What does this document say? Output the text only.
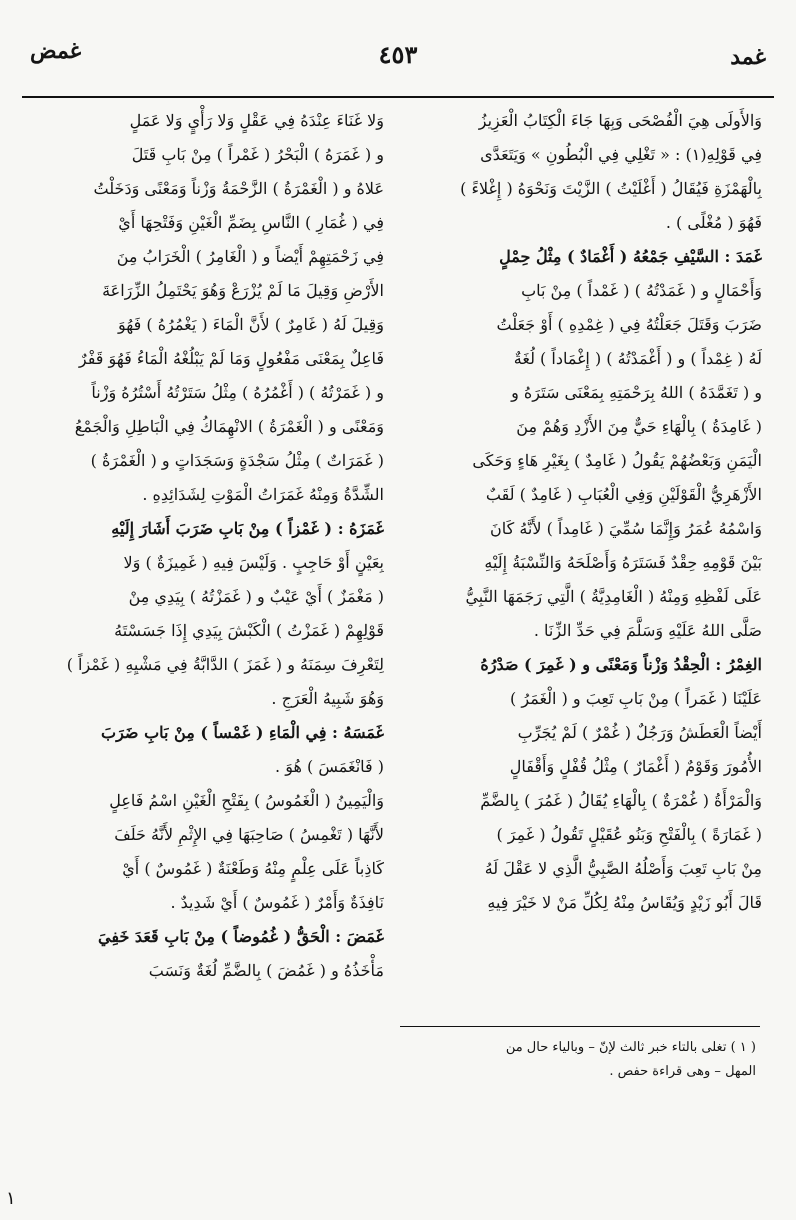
غمد
٤٥٣
غمض
وَالأَولَى هِيَ الْفُصْحَى وَبِهَا جَاءَ الْكِتَابُ الْعَزِيزُ
فِي قَوْلِهِ(١) : « تَغْلِي فِي الْبُطُونِ » وَيَتَعَدَّى
بِالْهَمْزَةِ فَيُقَالُ ( أَغْلَيْتُ ) الزَّيْتَ وَنَحْوَهُ ( إِغْلاءً )
فَهُوَ ( مُغْلًى ) .
غَمَدَ : السَّيْفِ جَمْعُهُ ( أَغْمَادٌ ) مِثْلُ حِمْلٍ
وَأَحْمَالٍ و ( غَمَدْتُهُ ) ( غَمْداً ) مِنْ بَابِ
ضَرَبَ وَقَتَلَ جَعَلْتُهُ فِي ( غِمْدِهِ ) أَوْ جَعَلْتُ
لَهُ ( غِمْداً ) و ( أَغْمَدْتُهُ ) ( إِغْمَاداً ) لُغَةٌ
و ( تَغَمَّدَهُ ) اللهُ بِرَحْمَتِهِ بِمَعْنَى سَتَرَهُ و
( غَامِدَةُ ) بِالْهَاءِ حَيٌّ مِنَ الأَزْدِ وَهُمْ مِنَ
الْيَمَنِ وَبَعْضُهُمْ يَقُولُ ( غَامِدٌ ) بِغَيْرِ هَاءٍ وَحَكَى
الأَزْهَرِيُّ الْقَوْلَيْنِ وَفِي الْعُبَابِ ( غَامِدٌ ) لَقَبٌ
وَاسْمُهُ عُمَرُ وَإِنَّمَا سُمِّيَ ( غَامِداً ) لأَنَّهُ كَانَ
بَيْنَ قَوْمِهِ حِقْدٌ فَسَتَرَهُ وَأَصْلَحَهُ وَالنِّسْبَةُ إِلَيْهِ
عَلَى لَفْظِهِ وَمِنْهُ ( الْغَامِدِيَّةُ ) الَّتِي رَجَمَهَا النَّبِيُّ
صَلَّى اللهُ عَلَيْهِ وَسَلَّمَ فِي حَدِّ الزِّنَا .
الغِمْرُ : الْحِقْدُ وَزْناً وَمَعْنًى و ( غَمِرَ ) صَدْرُهُ
عَلَيْنَا ( غَمَراً ) مِنْ بَابِ تَعِبَ و ( الْغَمَرُ )
أَيْضاً الْعَطَشُ وَرَجُلٌ ( غُمْرٌ ) لَمْ يُجَرِّبِ
الأُمُورَ وَقَوْمٌ ( أَغْمَارٌ ) مِثْلُ قُفْلٍ وَأَقْفَالٍ
وَالْمَرْأَةُ ( غُمْرَةٌ ) بِالْهَاءِ يُقَالُ ( غَمُرَ ) بِالضَّمِّ
( غَمَارَةً ) بِالْفَتْحِ وَبَنُو عُقَيْلٍ تَقُولُ ( غَمِرَ )
مِنْ بَابِ تَعِبَ وَأَصْلُهُ الصَّبِيُّ الَّذِي لا عَقْلَ لَهُ
قَالَ أَبُو زَيْدٍ وَيُقَاسُ مِنْهُ لِكُلِّ مَنْ لا خَيْرَ فِيهِ
وَلا غَنَاءَ عِنْدَهُ فِي عَقْلٍ وَلا رَأْيٍ وَلا عَمَلٍ
و ( غَمَرَهُ ) الْبَحْرُ ( غَمْراً ) مِنْ بَابِ قَتَلَ
عَلاهُ و ( الْغَمْرَةُ ) الزَّحْمَةُ وَزْناً وَمَعْنًى وَدَخَلْتُ
فِي ( غُمَارِ ) النَّاسِ بِضَمِّ الْغَيْنِ وَفَتْحِهَا أَيْ
فِي زَحْمَتِهِمْ أَيْضاً و ( الْغَامِرُ ) الْخَرَابُ مِنَ
الأَرْضِ وَقِيلَ مَا لَمْ يُزْرَعْ وَهُوَ يَحْتَمِلُ الزِّرَاعَةَ
وَقِيلَ لَهُ ( غَامِرٌ ) لأَنَّ الْمَاءَ ( يَغْمُرُهُ ) فَهُوَ
فَاعِلٌ بِمَعْنَى مَفْعُولٍ وَمَا لَمْ يَبْلُغْهُ الْمَاءُ فَهُوَ قَفْرٌ
و ( غَمَرْتُهُ ) ( أَغْمُرُهُ ) مِثْلُ سَتَرْتُهُ أَسْتُرُهُ وَزْناً
وَمَعْنًى و ( الْغَمْرَةُ ) الانْهِمَاكُ فِي الْبَاطِلِ وَالْجَمْعُ
( غَمَرَاتٌ ) مِثْلُ سَجْدَةٍ وَسَجَدَاتٍ و ( الْغَمْرَةُ )
الشِّدَّةُ وَمِنْهُ غَمَرَاتُ الْمَوْتِ لِشَدَائِدِهِ .
غَمَزَهُ : ( غَمْزاً ) مِنْ بَابِ ضَرَبَ أَشَارَ إِلَيْهِ
بِعَيْنٍ أَوْ حَاجِبٍ . وَلَيْسَ فِيهِ ( غَمِيزَةٌ ) وَلا
( مَغْمَزٌ ) أَيْ عَيْبٌ و ( غَمَزْتُهُ ) بِيَدِي مِنْ
قَوْلِهِمْ ( غَمَزْتُ ) الْكَبْشَ بِيَدِي إِذَا جَسَسْتَهُ
لِتَعْرِفَ سِمَنَهُ و ( غَمَزَ ) الدَّابَّةُ فِي مَشْيِهِ ( غَمْزاً )
وَهُوَ شَبِيهُ الْعَرَجِ .
غَمَسَهُ : فِي الْمَاءِ ( غَمْساً ) مِنْ بَابِ ضَرَبَ
( فَانْغَمَسَ ) هُوَ .
وَالْيَمِينُ ( الْغَمُوسُ ) بِفَتْحِ الْغَيْنِ اسْمُ فَاعِلٍ
لأَنَّهَا ( تَغْمِسُ ) صَاحِبَهَا فِي الإِثْمِ لأَنَّهُ حَلَفَ
كَاذِباً عَلَى عِلْمٍ مِنْهُ وَطَعْنَةٌ ( غَمُوسٌ ) أَيْ
نَافِذَةٌ وَأَمْرٌ ( غَمُوسٌ ) أَيْ شَدِيدٌ .
غَمَضَ : الْحَقُّ ( غُمُوضاً ) مِنْ بَابِ قَعَدَ خَفِيَ
مَأْخَذُهُ و ( غَمُضَ ) بِالضَّمِّ لُغَةٌ وَنَسَبَ
( ١ ) تغلى بالتاء خبر ثالث لإنّ – وبالياء حال من
المهل – وهى قراءة حفص .
١
